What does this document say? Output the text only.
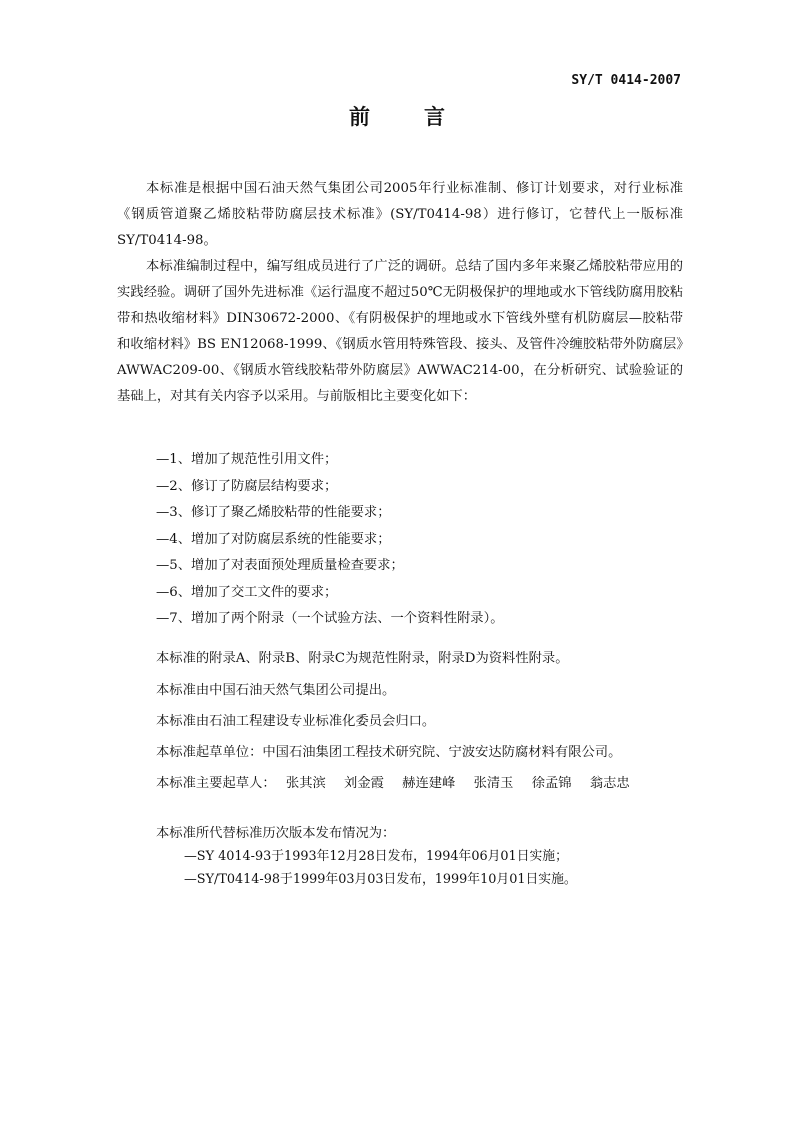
SY/T 0414-2007
前	言

本标准是根据中国石油天然气集团公司2005年行业标准制、修订计划要求，对行业标准《钢质管道聚乙烯胶粘带防腐层技术标准》(SY/T0414-98）进行修订，它替代上一版标准SY/T0414-98。

本标准编制过程中，编写组成员进行了广泛的调研。总结了国内多年来聚乙烯胶粘带应用的实践经验。调研了国外先进标准《运行温度不超过50℃无阴极保护的埋地或水下管线防腐用胶粘带和热收缩材料》DIN30672-2000、《有阴极保护的埋地或水下管线外壁有机防腐层—胶粘带和收缩材料》BS EN12068-1999、《钢质水管用特殊管段、接头、及管件冷缠胶粘带外防腐层》AWWAC209-00、《钢质水管线胶粘带外防腐层》AWWAC214-00，在分析研究、试验验证的基础上，对其有关内容予以采用。与前版相比主要变化如下：

—1、增加了规范性引用文件；
—2、修订了防腐层结构要求；
—3、修订了聚乙烯胶粘带的性能要求；
—4、增加了对防腐层系统的性能要求；
—5、增加了对表面预处理质量检查要求；
—6、增加了交工文件的要求；
—7、增加了两个附录（一个试验方法、一个资料性附录）。
本标准的附录A、附录B、附录C为规范性附录，附录D为资料性附录。
本标准由中国石油天然气集团公司提出。
本标准由石油工程建设专业标准化委员会归口。
本标准起草单位：中国石油集团工程技术研究院、宁波安达防腐材料有限公司。
本标准主要起草人： 张其滨 刘金霞 赫连建峰 张清玉 徐孟锦 翁志忠
本标准所代替标准历次版本发布情况为：
—SY 4014-93于1993年12月28日发布，1994年06月01日实施；
—SY/T0414-98于1999年03月03日发布，1999年10月01日实施。
